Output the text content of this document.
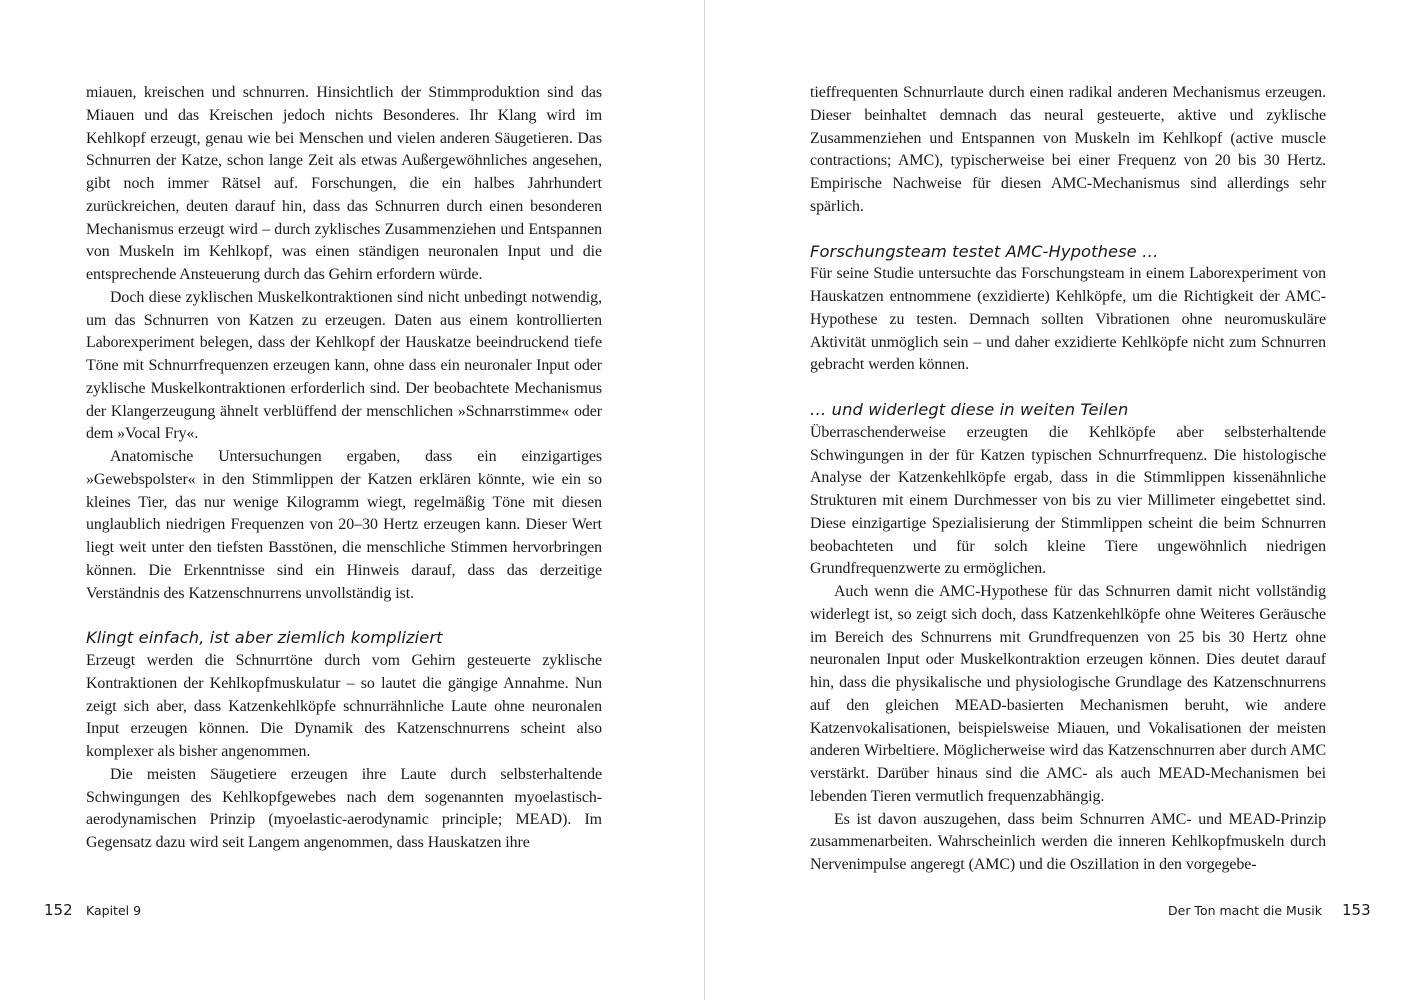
miauen, kreischen und schnurren. Hinsichtlich der Stimmproduktion sind das Miauen und das Kreischen jedoch nichts Besonderes. Ihr Klang wird im Kehlkopf erzeugt, genau wie bei Menschen und vielen anderen Säugetieren. Das Schnurren der Katze, schon lange Zeit als etwas Außergewöhnliches angesehen, gibt noch immer Rätsel auf. Forschungen, die ein halbes Jahrhundert zurückreichen, deuten darauf hin, dass das Schnurren durch einen besonderen Mechanismus erzeugt wird – durch zyklisches Zusammenziehen und Entspannen von Muskeln im Kehlkopf, was einen ständigen neuronalen Input und die entsprechende Ansteuerung durch das Gehirn erfordern würde.

Doch diese zyklischen Muskelkontraktionen sind nicht unbedingt notwendig, um das Schnurren von Katzen zu erzeugen. Daten aus einem kontrollierten Laborexperiment belegen, dass der Kehlkopf der Hauskatze beeindruckend tiefe Töne mit Schnurrfrequenzen erzeugen kann, ohne dass ein neuronaler Input oder zyklische Muskelkontraktionen erforderlich sind. Der beobachtete Mechanismus der Klangerzeugung ähnelt verblüffend der menschlichen »Schnarrstimme« oder dem »Vocal Fry«.

Anatomische Untersuchungen ergaben, dass ein einzigartiges »Gewebspolster« in den Stimmlippen der Katzen erklären könnte, wie ein so kleines Tier, das nur wenige Kilogramm wiegt, regelmäßig Töne mit diesen unglaublich niedrigen Frequenzen von 20–30 Hertz erzeugen kann. Dieser Wert liegt weit unter den tiefsten Basstönen, die menschliche Stimmen hervorbringen können. Die Erkenntnisse sind ein Hinweis darauf, dass das derzeitige Verständnis des Katzenschnurrens unvollständig ist.

Klingt einfach, ist aber ziemlich kompliziert

Erzeugt werden die Schnurrtöne durch vom Gehirn gesteuerte zyklische Kontraktionen der Kehlkopfmuskulatur – so lautet die gängige Annahme. Nun zeigt sich aber, dass Katzenkehlköpfe schnurrähnliche Laute ohne neuronalen Input erzeugen können. Die Dynamik des Katzenschnurrens scheint also komplexer als bisher angenommen.

Die meisten Säugetiere erzeugen ihre Laute durch selbsterhaltende Schwingungen des Kehlkopfgewebes nach dem sogenannten myoelastisch-aerodynamischen Prinzip (myoelastic-aerodynamic principle; MEAD). Im Gegensatz dazu wird seit Langem angenommen, dass Hauskatzen ihre

tieffrequenten Schnurrlaute durch einen radikal anderen Mechanismus erzeugen. Dieser beinhaltet demnach das neural gesteuerte, aktive und zyklische Zusammenziehen und Entspannen von Muskeln im Kehlkopf (active muscle contractions; AMC), typischerweise bei einer Frequenz von 20 bis 30 Hertz. Empirische Nachweise für diesen AMC-Mechanismus sind allerdings sehr spärlich.

Forschungsteam testet AMC-Hypothese …

Für seine Studie untersuchte das Forschungsteam in einem Laborexperiment von Hauskatzen entnommene (exzidierte) Kehlköpfe, um die Richtigkeit der AMC-Hypothese zu testen. Demnach sollten Vibrationen ohne neuromuskuläre Aktivität unmöglich sein – und daher exzidierte Kehlköpfe nicht zum Schnurren gebracht werden können.

… und widerlegt diese in weiten Teilen

Überraschenderweise erzeugten die Kehlköpfe aber selbsterhaltende Schwingungen in der für Katzen typischen Schnurrfrequenz. Die histologische Analyse der Katzenkehlköpfe ergab, dass in die Stimmlippen kissenähnliche Strukturen mit einem Durchmesser von bis zu vier Millimeter eingebettet sind. Diese einzigartige Spezialisierung der Stimmlippen scheint die beim Schnurren beobachteten und für solch kleine Tiere ungewöhnlich niedrigen Grundfrequenzwerte zu ermöglichen.

Auch wenn die AMC-Hypothese für das Schnurren damit nicht vollständig widerlegt ist, so zeigt sich doch, dass Katzenkehlköpfe ohne Weiteres Geräusche im Bereich des Schnurrens mit Grundfrequenzen von 25 bis 30 Hertz ohne neuronalen Input oder Muskelkontraktion erzeugen können. Dies deutet darauf hin, dass die physikalische und physiologische Grundlage des Katzenschnurrens auf den gleichen MEAD-basierten Mechanismen beruht, wie andere Katzenvokalisationen, beispielsweise Miauen, und Vokalisationen der meisten anderen Wirbeltiere. Möglicherweise wird das Katzenschnurren aber durch AMC verstärkt. Darüber hinaus sind die AMC- als auch MEAD-Mechanismen bei lebenden Tieren vermutlich frequenzabhängig.

Es ist davon auszugehen, dass beim Schnurren AMC- und MEAD-Prinzip zusammenarbeiten. Wahrscheinlich werden die inneren Kehlkopfmuskeln durch Nervenimpulse angeregt (AMC) und die Oszillation in den vorgegebe-

152 Kapitel 9	Der Ton macht die Musik 153
